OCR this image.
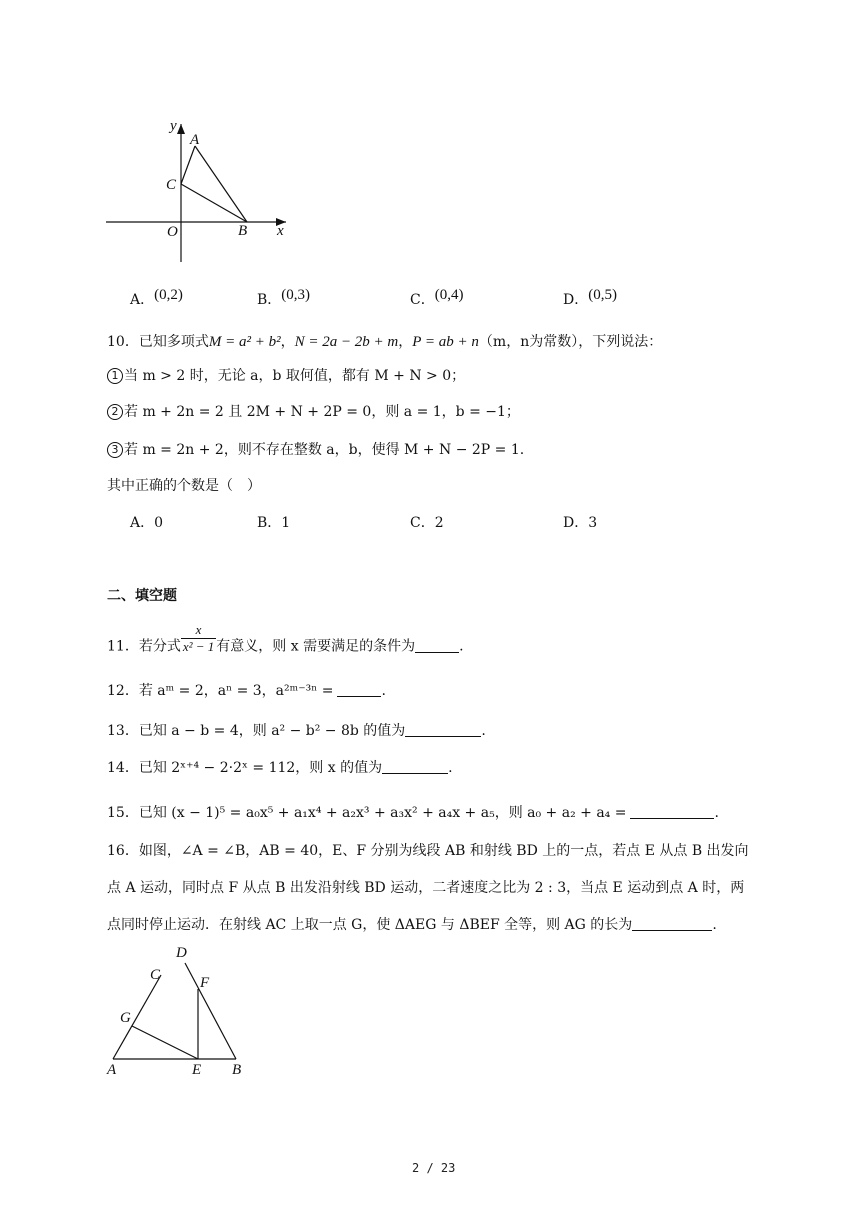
y
A
C
O	B x
A．(0,2)	B．(0,3)	C．(0,4)	D．(0,5)
10．已知多项式M = a² + b²，N = 2a − 2b + m，P = ab + n（m，n为常数），下列说法：
1 当 m > 2 时，无论 a，b 取何值，都有 M + N > 0；
2 若 m + 2n = 2 且 2M + N + 2P = 0，则 a = 1，b = −1；
3 若 m = 2n + 2，则不存在整数 a，b，使得 M + N − 2P = 1.
其中正确的个数是（　）
A．0	B．1	C．2	D．3
二、填空题
11．若分式 $\frac{x}{\text{x² − 1}}$ 有意义，则 x 需要满足的条件为	.
12．若 aᵐ = 2，aⁿ = 3，a²ᵐ⁻³ⁿ =	.
13．已知 a − b = 4，则 a² − b² − 8b 的值为	.
14．已知 2ˣ⁺⁴ − 2·2ˣ = 112，则 x 的值为	.
15．已知 (x − 1)⁵ = a₀x⁵ + a₁x⁴ + a₂x³ + a₃x² + a₄x + a₅，则 a₀ + a₂ + a₄ =	.
16．如图，∠A = ∠B，AB = 40，E、F 分别为线段 AB 和射线 BD 上的一点，若点 E 从点 B 出发向
点 A 运动，同时点 F 从点 B 出发沿射线 BD 运动，二者速度之比为 2 : 3，当点 E 运动到点 A 时，两
点同时停止运动．在射线 AC 上取一点 G，使 ΔAEG 与 ΔBEF 全等，则 AG 的长为	.
D
C	F
G
A	E B
2 / 23
